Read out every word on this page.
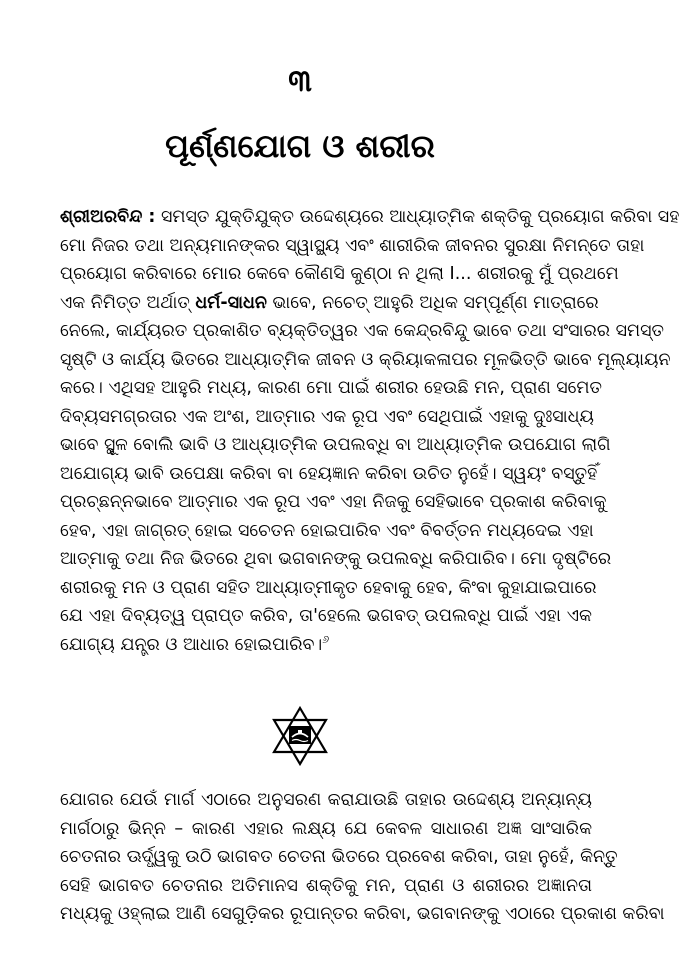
୩
ପୂର୍ଣ୍ଣଯୋଗ ଓ ଶରୀର
ଶ୍ରୀଅରବିନ୍ଦ : ସମସ୍ତ ଯୁକ୍ତିଯୁକ୍ତ ଉଦ୍ଦେଶ୍ୟରେ ଆଧ୍ୟାତ୍ମିକ ଶକ୍ତିକୁ ପ୍ରୟୋଗ କରିବା ସହ
ମୋ ନିଜର ତଥା ଅନ୍ୟମାନଙ୍କର ସ୍ୱାସ୍ଥ୍ୟ ଏବଂ ଶାରୀରିକ ଜୀବନର ସୁରକ୍ଷା ନିମନ୍ତେ ତାହା
ପ୍ରୟୋଗ କରିବାରେ ମୋର କେବେ କୌଣସି କୁଣ୍ଠା ନ ଥିଲା I... ଶରୀରକୁ ମୁଁ ପ୍ରଥମେ
ଏକ ନିମିତ୍ତ ଅର୍ଥାତ୍ ଧର୍ମ-ସାଧନ ଭାବେ, ନଚେତ୍ ଆହୁରି ଅଧିକ ସମ୍ପୂର୍ଣ୍ଣ ମାତ୍ରାରେ
ନେଲେ, କାର୍ଯ୍ୟରତ ପ୍ରକାଶିତ ବ୍ୟକ୍ତିତ୍ୱର ଏକ କେନ୍ଦ୍ରବିନ୍ଦୁ ଭାବେ ତଥା ସଂସାରର ସମସ୍ତ
ସୃଷ୍ଟି ଓ କାର୍ଯ୍ୟ ଭିତରେ ଆଧ୍ୟାତ୍ମିକ ଜୀବନ ଓ କ୍ରିୟାକଳାପର ମୂଳଭିତ୍ତି ଭାବେ ମୂଲ୍ୟାୟନ
କରେ। ଏଥିସହ ଆହୁରି ମଧ୍ୟ, କାରଣ ମୋ ପାଇଁ ଶରୀର ହେଉଛି ମନ, ପ୍ରାଣ ସମେତ
ଦିବ୍ୟସମଗ୍ରତାର ଏକ ଅଂଶ, ଆତ୍ମାର ଏକ ରୂପ ଏବଂ ସେଥିପାଇଁ ଏହାକୁ ଦୁଃସାଧ୍ୟ
ଭାବେ ସ୍ଥୂଳ ବୋଲି ଭାବି ଓ ଆଧ୍ୟାତ୍ମିକ ଉପଲବ୍ଧି ବା ଆଧ୍ୟାତ୍ମିକ ଉପଯୋଗ ଲାଗି
ଅଯୋଗ୍ୟ ଭାବି ଉପେକ୍ଷା କରିବା ବା ହେୟଜ୍ଞାନ କରିବା ଉଚିତ ନୁହେଁ। ସ୍ୱୟଂ ବସ୍ତୁହିଁ
ପ୍ରଚ୍ଛନ୍ନଭାବେ ଆତ୍ମାର ଏକ ରୂପ ଏବଂ ଏହା ନିଜକୁ ସେହିଭାବେ ପ୍ରକାଶ କରିବାକୁ
ହେବ, ଏହା ଜାଗ୍ରତ୍ ହୋଇ ସଚେତନ ହୋଇପାରିବ ଏବଂ ବିବର୍ତ୍ତନ ମଧ୍ୟଦେଇ ଏହା
ଆତ୍ମାକୁ ତଥା ନିଜ ଭିତରେ ଥିବା ଭଗବାନଙ୍କୁ ଉପଲବ୍ଧି କରିପାରିବ। ମୋ ଦୃଷ୍ଟିରେ
ଶରୀରକୁ ମନ ଓ ପ୍ରାଣ ସହିତ ଆଧ୍ୟାତ୍ମୀକୃତ ହେବାକୁ ହେବ, କିଂବା କୁହାଯାଇପାରେ
ଯେ ଏହା ଦିବ୍ୟତ୍ୱ ପ୍ରାପ୍ତ କରିବ, ତା'ହେଲେ ଭଗବତ୍ ଉପଲବ୍ଧି ପାଇଁ ଏହା ଏକ
ଯୋଗ୍ୟ ଯନ୍ତ୍ର ଓ ଆଧାର ହୋଇପାରିବ।$^୬$
ଯୋଗର ଯେଉଁ ମାର୍ଗ ଏଠାରେ ଅନୁସରଣ କରାଯାଉଛି ତାହାର ଉଦ୍ଦେଶ୍ୟ ଅନ୍ୟାନ୍ୟ
ମାର୍ଗଠାରୁ ଭିନ୍ନ – କାରଣ ଏହାର ଲକ୍ଷ୍ୟ ଯେ କେବଳ ସାଧାରଣ ଅଜ୍ଞ ସାଂସାରିକ
ଚେତନାର ଊର୍ଦ୍ଧ୍ୱକୁ ଉଠି ଭାଗବତ ଚେତନା ଭିତରେ ପ୍ରବେଶ କରିବା, ତାହା ନୁହେଁ, କିନ୍ତୁ
ସେହି ଭାଗବତ ଚେତନାର ଅତିମାନସ ଶକ୍ତିକୁ ମନ, ପ୍ରାଣ ଓ ଶରୀରର ଅଜ୍ଞାନତା
ମଧ୍ୟକୁ ଓହ୍ଲାଇ ଆଣି ସେଗୁଡ଼ିକର ରୂପାନ୍ତର କରିବା, ଭଗବାନଙ୍କୁ ଏଠାରେ ପ୍ରକାଶ କରିବା
